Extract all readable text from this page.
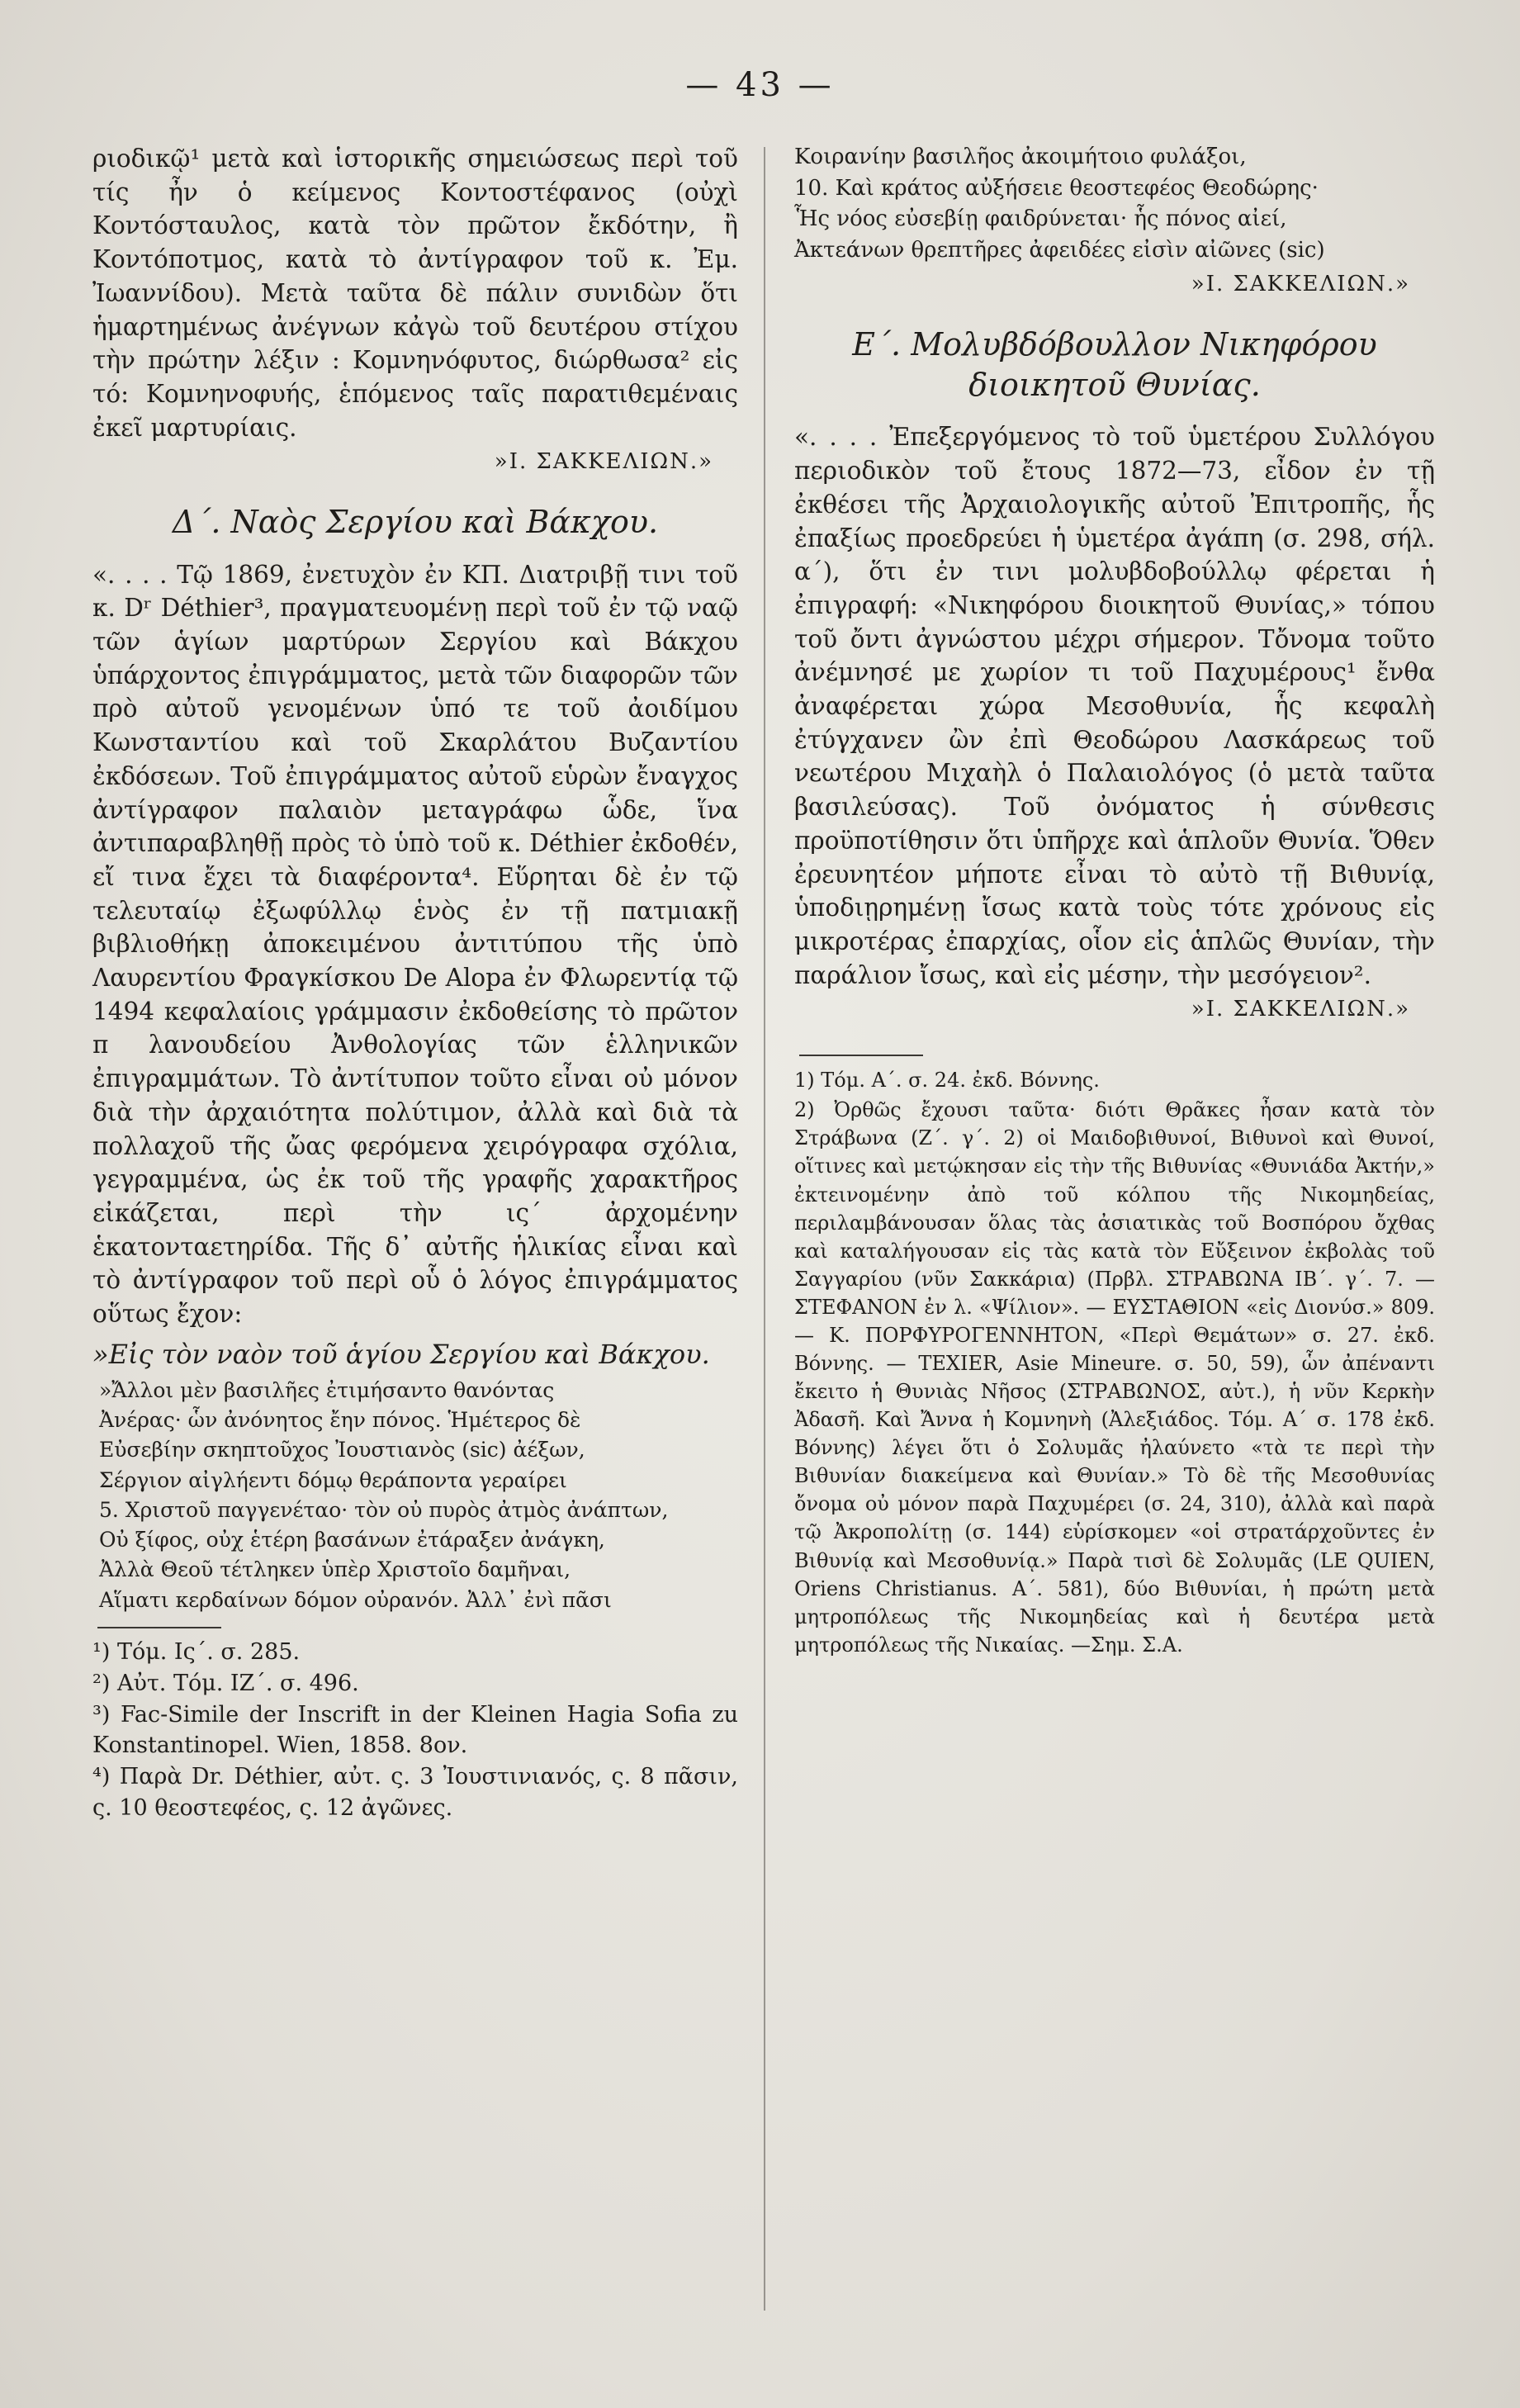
— 43 —

ριοδικῷ¹ μετὰ καὶ ἱστορικῆς σημειώσεως περὶ τοῦ τίς ἦν ὁ κείμενος Κοντοστέφανος (οὐχὶ Κοντόσταυλος, κατὰ τὸν πρῶτον ἔκδότην, ἢ Κοντόποτμος, κατὰ τὸ ἀντίγραφον τοῦ κ. Ἐμ. Ἰωαννίδου). Μετὰ ταῦτα δὲ πάλιν συνιδὼν ὅτι ἡμαρτημένως ἀνέγνων κἀγὼ τοῦ δευτέρου στίχου τὴν πρώτην λέξιν : Κομνηνόφυτος, διώρθωσα² εἰς τό: Κομνηνοφυής, ἑπόμενος ταῖς παρατιθεμέναις ἐκεῖ μαρτυρίαις.

»Ι. ΣΑΚΚΕΛΙΩΝ.»

Δ΄. Ναὸς Σεργίου καὶ Βάκχου.

«. . . . Τῷ 1869, ἐνετυχὸν ἐν ΚΠ. Διατριβῇ τινι τοῦ κ. Dʳ Déthier³, πραγματευομένῃ περὶ τοῦ ἐν τῷ ναῷ τῶν ἁγίων μαρτύρων Σεργίου καὶ Βάκχου ὑπάρχοντος ἐπιγράμματος, μετὰ τῶν διαφορῶν τῶν πρὸ αὐτοῦ γενομένων ὑπό τε τοῦ ἀοιδίμου Κωνσταντίου καὶ τοῦ Σκαρλάτου Βυζαντίου ἐκδόσεων. Τοῦ ἐπιγράμματος αὐτοῦ εὑρὼν ἔναγχος ἀντίγραφον παλαιὸν μεταγράφω ὧδε, ἵνα ἀντιπαραβληθῇ πρὸς τὸ ὑπὸ τοῦ κ. Déthier ἐκδοθέν, εἴ τινα ἔχει τὰ διαφέροντα⁴. Εὕρηται δὲ ἐν τῷ τελευταίῳ ἐξωφύλλῳ ἑνὸς ἐν τῇ πατμιακῇ βιβλιοθήκῃ ἀποκειμένου ἀντιτύπου τῆς ὑπὸ Λαυρεντίου Φραγκίσκου De Alopa ἐν Φλωρεντίᾳ τῷ 1494 κεφαλαίοις γράμμασιν ἐκδοθείσης τὸ πρῶτον π λανουδείου Ἀνθολογίας τῶν ἑλληνικῶν ἐπιγραμμάτων. Τὸ ἀντίτυπον τοῦτο εἶναι οὐ μόνον διὰ τὴν ἀρχαιότητα πολύτιμον, ἀλλὰ καὶ διὰ τὰ πολλαχοῦ τῆς ὤας φερόμενα χειρόγραφα σχόλια, γεγραμμένα, ὡς ἐκ τοῦ τῆς γραφῆς χαρακτῆρος εἰκάζεται, περὶ τὴν ις΄ ἀρχομένην ἑκατονταετηρίδα. Τῆς δ᾽ αὐτῆς ἡλικίας εἶναι καὶ τὸ ἀντίγραφον τοῦ περὶ οὗ ὁ λόγος ἐπιγράμματος οὕτως ἔχον:

»Εἰς τὸν ναὸν τοῦ ἁγίου Σεργίου καὶ Βάκχου.
»Ἄλλοι μὲν βασιλῆες ἐτιμήσαντο θανόντας
Ἀνέρας· ὧν ἀνόνητος ἔην πόνος. Ἡμέτερος δὲ
Εὐσεβίην σκηπτοῦχος Ἰουστιανὸς (sic) ἀέξων,
Σέργιον αἰγλήεντι δόμῳ θεράποντα γεραίρει
5. Χριστοῦ παγγενέταο· τὸν οὐ πυρὸς ἀτμὸς ἀνάπτων,
Οὐ ξίφος, οὐχ ἑτέρη βασάνων ἐτάραξεν ἀνάγκη,
Ἀλλὰ Θεοῦ τέτληκεν ὑπὲρ Χριστοῖο δαμῆναι,
Αἵματι κερδαίνων δόμον οὐρανόν. Ἀλλ᾽ ἐνὶ πᾶσι

¹) Τόμ. Ις΄. σ. 285.

²) Αὐτ. Τόμ. ΙΖ΄. σ. 496.

³) Fac-Simile der Inscrift in der Kleinen Hagia Sofia zu Konstantinopel. Wien, 1858. 8ον.

⁴) Παρὰ Dr. Déthier, αὐτ. ς. 3 Ἰουστινιανός, ς. 8 πᾶσιν, ς. 10 θεοστεφέος, ς. 12 ἀγῶνες.

Κοιρανίην βασιλῆος ἀκοιμήτοιο φυλάξοι,
10. Καὶ κράτος αὐξήσειε θεοστεφέος Θεοδώρης·
Ἧς νόος εὐσεβίῃ φαιδρύνεται· ἧς πόνος αἰεί,
Ἀκτεάνων θρεπτῆρες ἀφειδέες εἰσὶν αἰῶνες (sic)

»Ι. ΣΑΚΚΕΛΙΩΝ.»

Ε΄. Μολυβδόβουλλον Νικηφόρου διοικητοῦ Θυνίας.

«. . . . Ἐπεξεργόμενος τὸ τοῦ ὑμετέρου Συλλόγου περιοδικὸν τοῦ ἔτους 1872—73, εἶδον ἐν τῇ ἐκθέσει τῆς Ἀρχαιολογικῆς αὐτοῦ Ἐπιτροπῆς, ἧς ἐπαξίως προεδρεύει ἡ ὑμετέρα ἀγάπη (σ. 298, σήλ. α΄), ὅτι ἐν τινι μολυβδοβούλλῳ φέρεται ἡ ἐπιγραφή: «Νικηφόρου διοικητοῦ Θυνίας,» τόπου τοῦ ὄντι ἀγνώστου μέχρι σήμερον. Τὄνομα τοῦτο ἀνέμνησέ με χωρίον τι τοῦ Παχυμέρους¹ ἔνθα ἀναφέρεται χώρα Μεσοθυνία, ἧς κεφαλὴ ἐτύγχανεν ὢν ἐπὶ Θεοδώρου Λασκάρεως τοῦ νεωτέρου Μιχαὴλ ὁ Παλαιολόγος (ὁ μετὰ ταῦτα βασιλεύσας). Τοῦ ὀνόματος ἡ σύνθεσις προϋποτίθησιν ὅτι ὑπῆρχε καὶ ἁπλοῦν Θυνία. Ὅθεν ἐρευνητέον μήποτε εἶναι τὸ αὐτὸ τῇ Βιθυνίᾳ, ὑποδιῃρημένῃ ἴσως κατὰ τοὺς τότε χρόνους εἰς μικροτέρας ἐπαρχίας, οἷον εἰς ἁπλῶς Θυνίαν, τὴν παράλιον ἴσως, καὶ εἰς μέσην, τὴν μεσόγειον².

»Ι. ΣΑΚΚΕΛΙΩΝ.»

1) Τόμ. Α΄. σ. 24. ἐκδ. Βόννης.

2) Ὀρθῶς ἔχουσι ταῦτα· διότι Θρᾶκες ἦσαν κατὰ τὸν Στράβωνα (Ζ΄. γ΄. 2) οἱ Μαιδοβιθυνοί, Βιθυνοὶ καὶ Θυνοί, οἵτινες καὶ μετῴκησαν εἰς τὴν τῆς Βιθυνίας «Θυνιάδα Ἀκτήν,» ἐκτεινομένην ἀπὸ τοῦ κόλπου τῆς Νικομηδείας, περιλαμβάνουσαν ὅλας τὰς ἀσιατικὰς τοῦ Βοσπόρου ὄχθας καὶ καταλήγουσαν εἰς τὰς κατὰ τὸν Εὔξεινον ἐκβολὰς τοῦ Σαγγαρίου (νῦν Σακκάρια) (Πρβλ. ΣΤΡΑΒΩΝΑ ΙΒ΄. γ΄. 7. — ΣΤΕΦΑΝΟΝ ἐν λ. «Ψίλιον». — ΕΥΣΤΑΘΙΟΝ «εἰς Διονύσ.» 809. — Κ. ΠΟΡΦΥΡΟΓΕΝΝΗΤΟΝ, «Περὶ Θεμάτων» σ. 27. ἐκδ. Βόννης. — TEXIER, Asie Mineure. σ. 50, 59), ὧν ἀπέναντι ἔκειτο ἡ Θυνιὰς Νῆσος (ΣΤΡΑΒΩΝΟΣ, αὐτ.), ἡ νῦν Κερκὴν Ἀδασῆ. Καὶ Ἄννα ἡ Κομνηνὴ (Ἀλεξιάδος. Τόμ. Α΄ σ. 178 ἐκδ. Βόννης) λέγει ὅτι ὁ Σολυμᾶς ἠλαύνετο «τὰ τε περὶ τὴν Βιθυνίαν διακείμενα καὶ Θυνίαν.» Τὸ δὲ τῆς Μεσοθυνίας ὄνομα οὐ μόνον παρὰ Παχυμέρει (σ. 24, 310), ἀλλὰ καὶ παρὰ τῷ Ἀκροπολίτῃ (σ. 144) εὑρίσκομεν «οἱ στρατάρχοῦντες ἐν Βιθυνίᾳ καὶ Μεσοθυνίᾳ.» Παρὰ τισὶ δὲ Σολυμᾶς (LE QUIEN, Oriens Christianus. Α΄. 581), δύο Βιθυνίαι, ἡ πρώτη μετὰ μητροπόλεως τῆς Νικομηδείας καὶ ἡ δευτέρα μετὰ μητροπόλεως τῆς Νικαίας. —Σημ. Σ.Α.
